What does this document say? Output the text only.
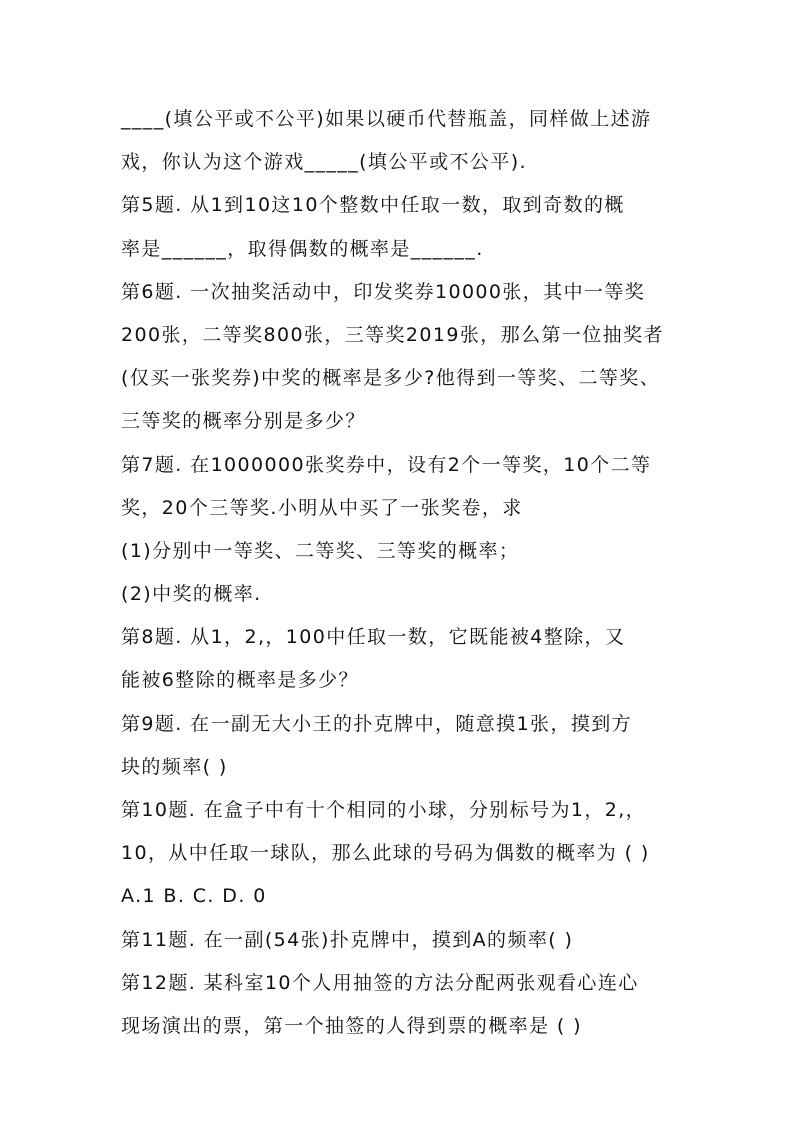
____(填公平或不公平)如果以硬币代替瓶盖，同样做上述游
戏，你认为这个游戏_____(填公平或不公平).
第5题. 从1到10这10个整数中任取一数，取到奇数的概
率是______，取得偶数的概率是______.
第6题. 一次抽奖活动中，印发奖券10000张，其中一等奖
200张，二等奖800张，三等奖2019张，那么第一位抽奖者
(仅买一张奖券)中奖的概率是多少?他得到一等奖、二等奖、
三等奖的概率分别是多少？
第7题. 在1000000张奖券中，设有2个一等奖，10个二等
奖，20个三等奖.小明从中买了一张奖卷，求
(1)分别中一等奖、二等奖、三等奖的概率；
(2)中奖的概率.
第8题. 从1，2,，100中任取一数，它既能被4整除，又
能被6整除的概率是多少？
第9题. 在一副无大小王的扑克牌中，随意摸1张，摸到方
块的频率( )
第10题. 在盒子中有十个相同的小球，分别标号为1，2,，
10，从中任取一球队，那么此球的号码为偶数的概率为 ( )
A.1 B. C. D. 0
第11题. 在一副(54张)扑克牌中，摸到A的频率( )
第12题. 某科室10个人用抽签的方法分配两张观看心连心
现场演出的票，第一个抽签的人得到票的概率是 ( )
